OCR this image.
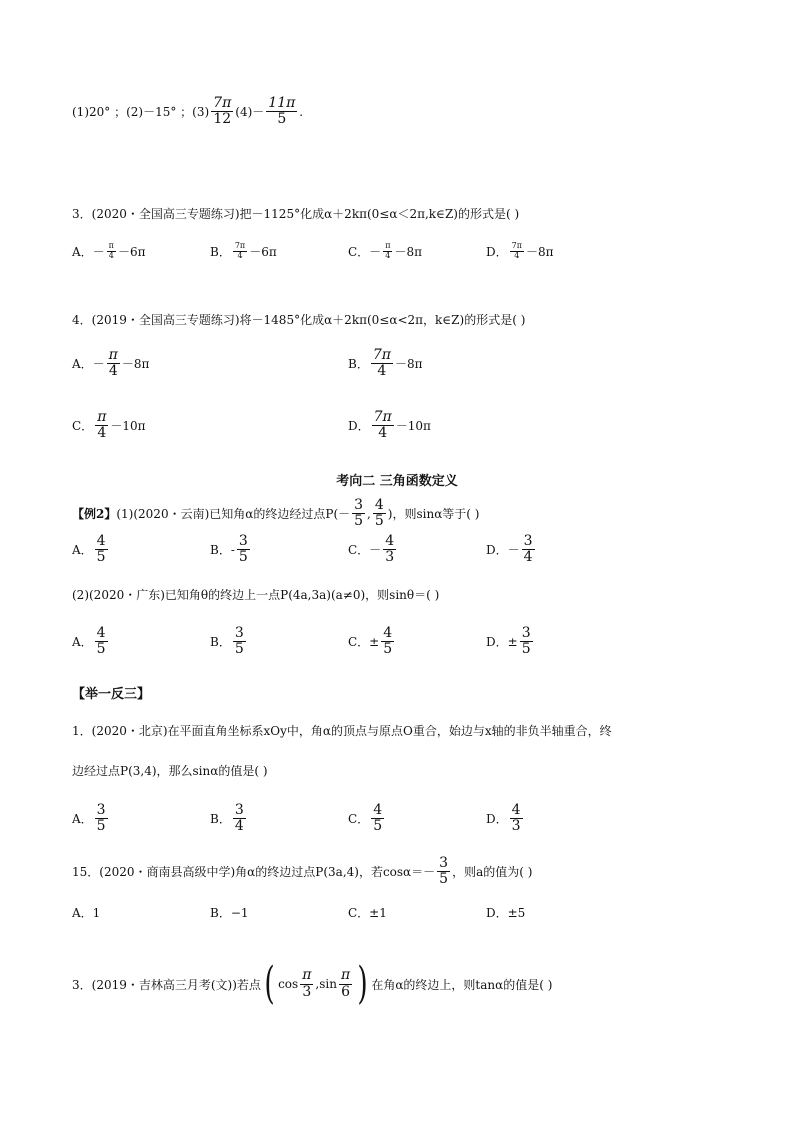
(1)20° ；(2)－15° ；$(3) \frac{7\pi}{12} (4)- \frac{11\pi}{5}$ .
3．(2020・全国高三专题练习)把－1125°化成α＋2kπ(0≤α＜2π,k∈Z)的形式是( )
A．－ $\frac{\pi}{4} -6\pi$	B． $\frac{7\pi}{4} -6\pi$	C．－ $\frac{\pi}{4} -8\pi$	D． $\frac{7\pi}{4} -8\pi$
4．(2019・全国高三专题练习)将－1485°化成α＋2kπ(0≤α<2π，k∈Z)的形式是( )
A．－ $\frac{\pi}{4} -8\pi$	B． $\frac{7\pi}{4} -8\pi$
C． $\frac{\pi}{4} -10\pi$	D． $\frac{7\pi}{4} -10\pi$
考向二 三角函数定义
【例2】 (1)(2020・云南)已知角α的终边经过点$P(- \frac{3}{5}$ , $\frac{4}{5}$ )，则sinα等于( )
A． $\frac{4}{5}$	B．- $\frac{3}{5}$	C．－ $\frac{4}{3}$	D．－ $\frac{3}{4}$
(2)(2020・广东)已知角θ的终边上一点P(4a,3a)(a≠0)，则sinθ＝( )
A． $\frac{4}{5}$	B． $\frac{3}{5}$	C．± $\frac{4}{5}$	D．± $\frac{3}{5}$
【举一反三】
1．(2020・北京)在平面直角坐标系xOy中，角α的顶点与原点O重合，始边与x轴的非负半轴重合，终
边经过点P(3,4)，那么sinα的值是( )
A． $\frac{3}{5}$	B． $\frac{3}{4}$	C． $\frac{4}{5}$	D． $\frac{4}{3}$
15．(2020・商南县高级中学)角α的终边过点P(3a,4)，若$\cos\alpha=- \frac{3}{5}$ ，则a的值为( )
A．1	B．−1	C．±1	D．±5
3．(2019・吉林高三月考(文))若点 ( $\cos \frac{\pi}{3} ,\sin \frac{\pi}{6}$ ) 在角α的终边上，则tanα的值是( )
